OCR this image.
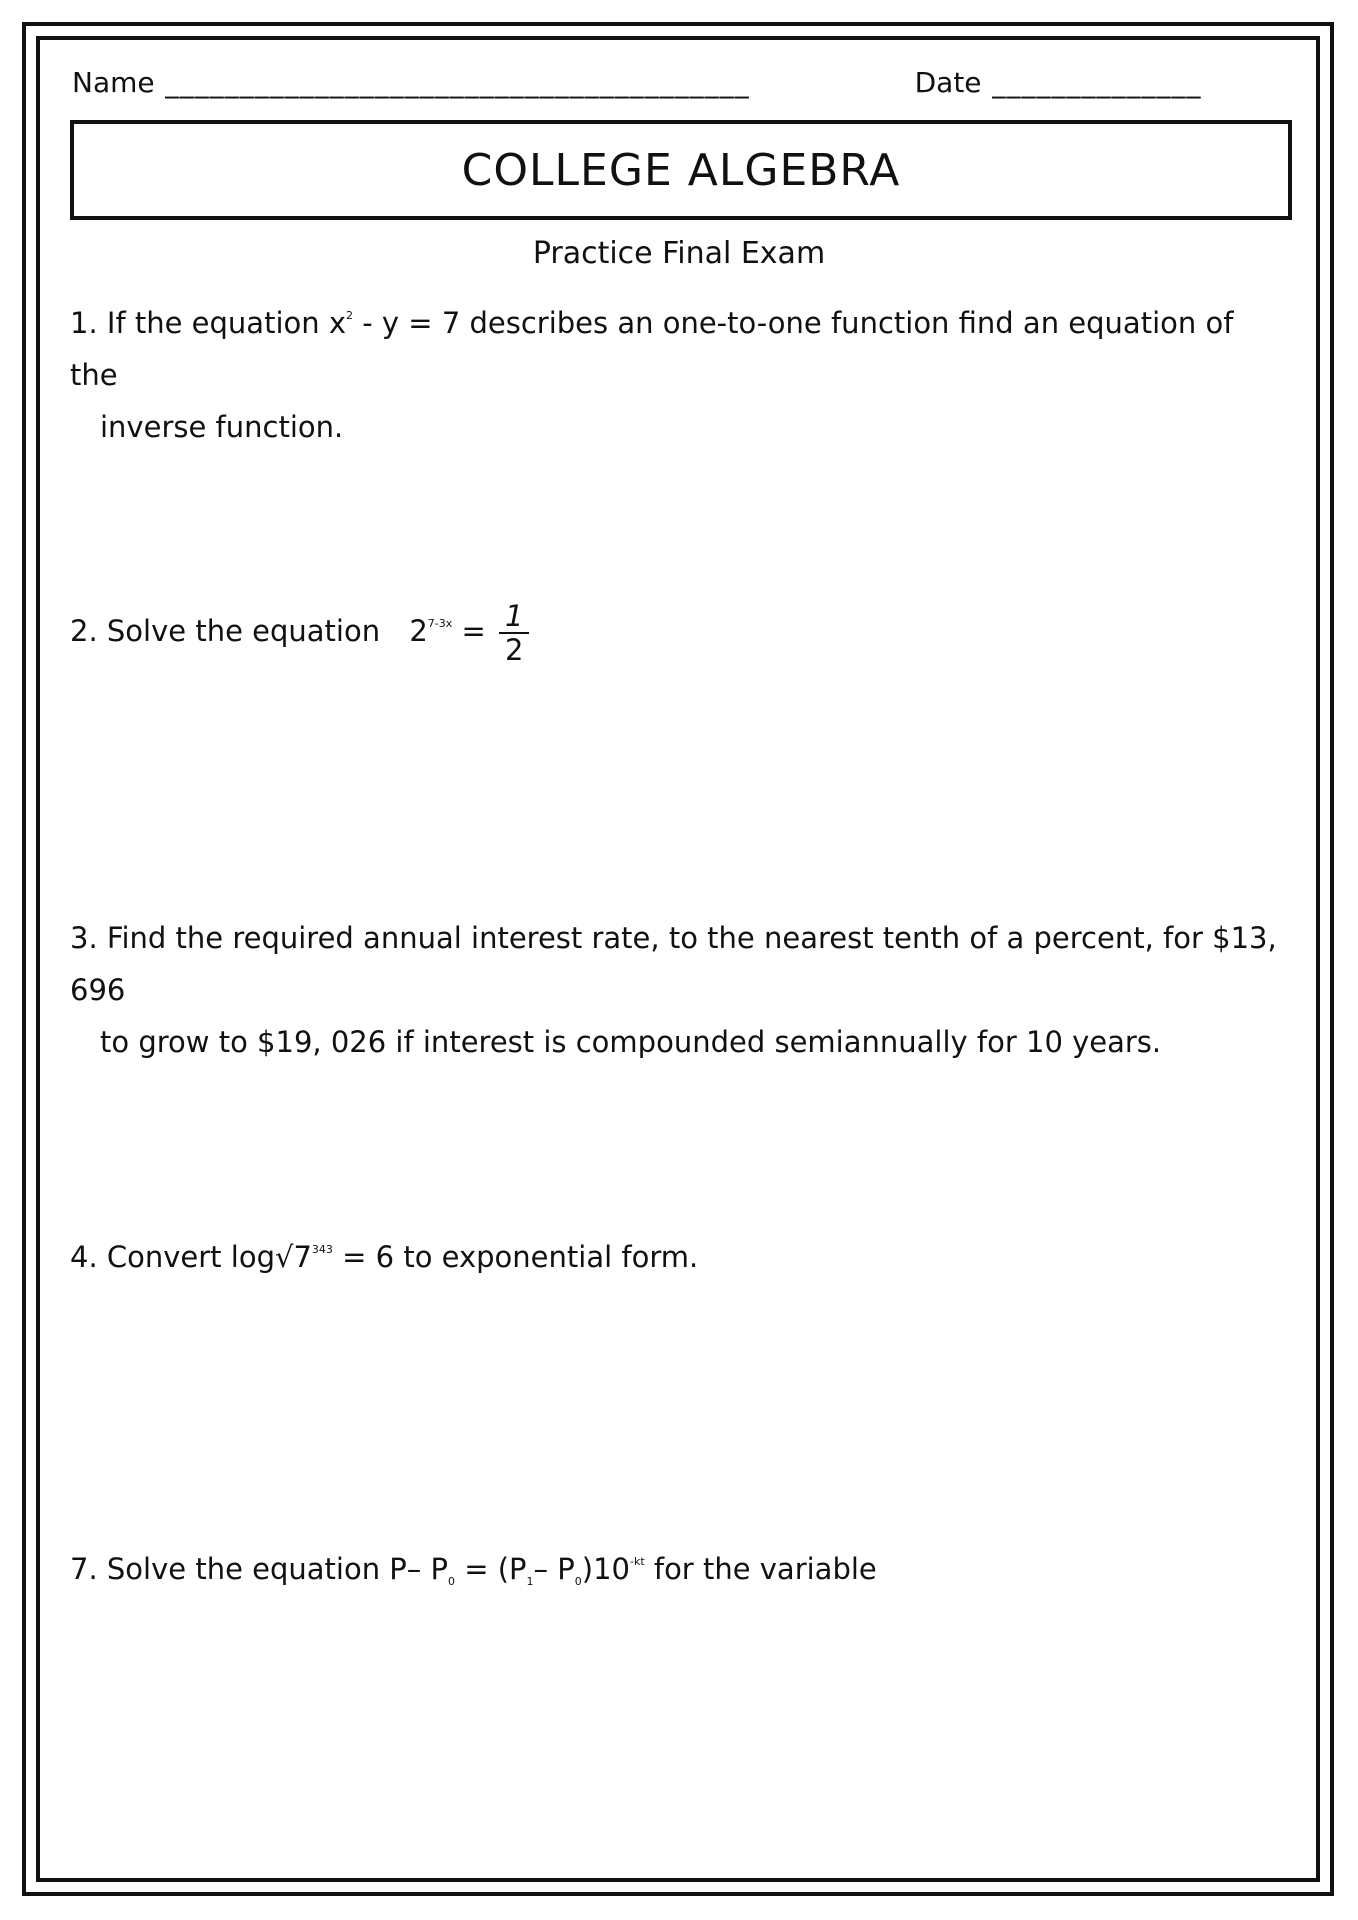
Name _______________________________________	Date ______________
COLLEGE ALGEBRA
Practice Final Exam
1. If the equation $x^2 - y = 7$ describes an one-to-one function find an equation of the
inverse function.
2. Solve the equation $2^{7-3x} = \frac{1}{2}$
3. Find the required annual interest rate, to the nearest tenth of a percent, for $13, 696
to grow to $19, 026 if interest is compounded semiannually for 10 years.
4. Convert $\log√7^{343} = 6$ to exponential form.
7. Solve the equation P– $P_0 = (P_1-$ $P_0)10^{-kt}$ for the variable
